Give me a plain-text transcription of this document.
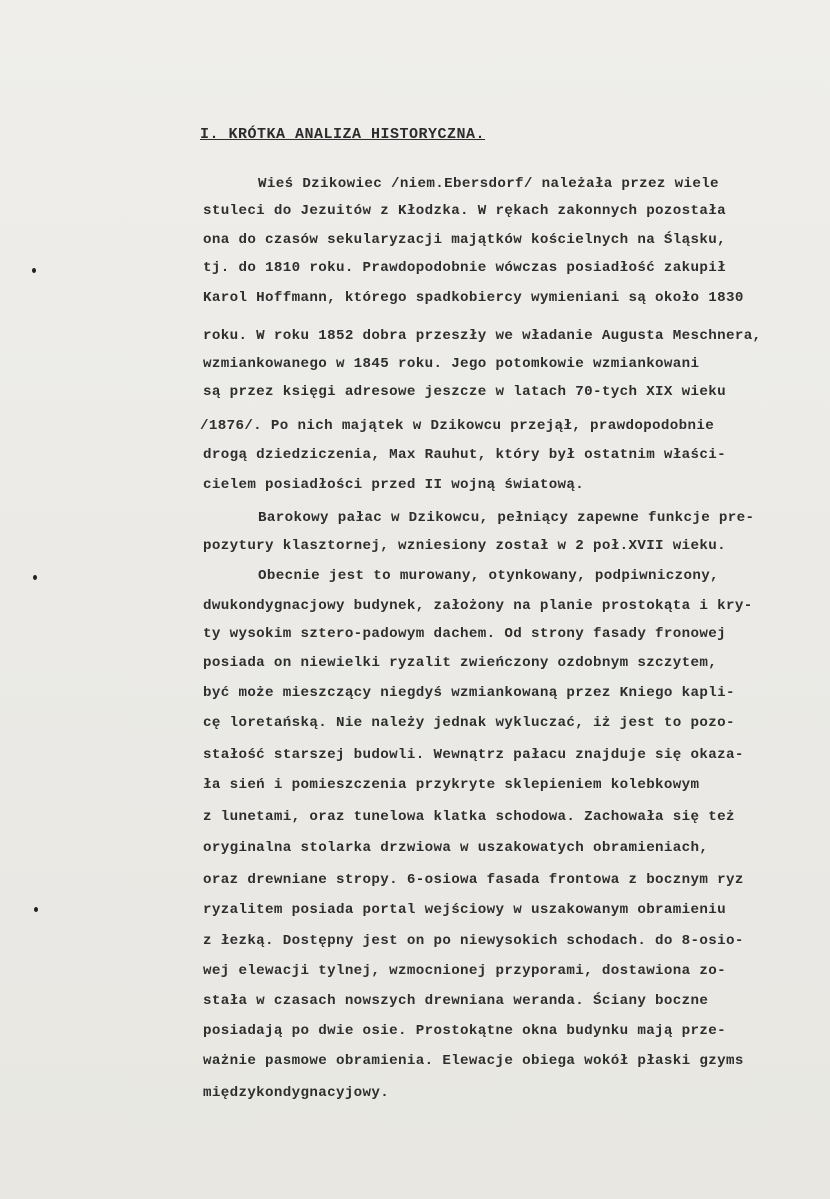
I. KRÓTKA ANALIZA HISTORYCZNA.
Wieś Dzikowiec /niem.Ebersdorf/ należała przez wiele
stuleci do Jezuitów z Kłodzka. W rękach zakonnych pozostała
ona do czasów sekularyzacji majątków kościelnych na Śląsku,
tj. do 1810 roku. Prawdopodobnie wówczas posiadłość zakupił
Karol Hoffmann, którego spadkobiercy wymieniani są około 1830
roku. W roku 1852 dobra przeszły we władanie Augusta Meschnera,
wzmiankowanego w 1845 roku. Jego potomkowie wzmiankowani
są przez księgi adresowe jeszcze w latach 70-tych XIX wieku
/1876/. Po nich majątek w Dzikowcu przejął, prawdopodobnie
drogą dziedziczenia, Max Rauhut, który był ostatnim właści-
cielem posiadłości przed II wojną światową.
Barokowy pałac w Dzikowcu, pełniący zapewne funkcje pre-
pozytury klasztornej, wzniesiony został w 2 poł.XVII wieku.
Obecnie jest to murowany, otynkowany, podpiwniczony,
dwukondygnacjowy budynek, założony na planie prostokąta i kry-
ty wysokim sztero-padowym dachem. Od strony fasady fronowej
posiada on niewielki ryzalit zwieńczony ozdobnym szczytem,
być może mieszczący niegdyś wzmiankowaną przez Kniego kapli-
cę loretańską. Nie należy jednak wykluczać, iż jest to pozo-
stałość starszej budowli. Wewnątrz pałacu znajduje się okaza-
ła sień i pomieszczenia przykryte sklepieniem kolebkowym
z lunetami, oraz tunelowa klatka schodowa. Zachowała się też
oryginalna stolarka drzwiowa w uszakowatych obramieniach,
oraz drewniane stropy. 6-osiowa fasada frontowa z bocznym ryz
ryzalitem posiada portal wejściowy w uszakowanym obramieniu
z łezką. Dostępny jest on po niewysokich schodach. do 8-osio-
wej elewacji tylnej, wzmocnionej przyporami, dostawiona zo-
stała w czasach nowszych drewniana weranda. Ściany boczne
posiadają po dwie osie. Prostokątne okna budynku mają prze-
ważnie pasmowe obramienia. Elewacje obiega wokół płaski gzyms
międzykondygnacyjowy.
